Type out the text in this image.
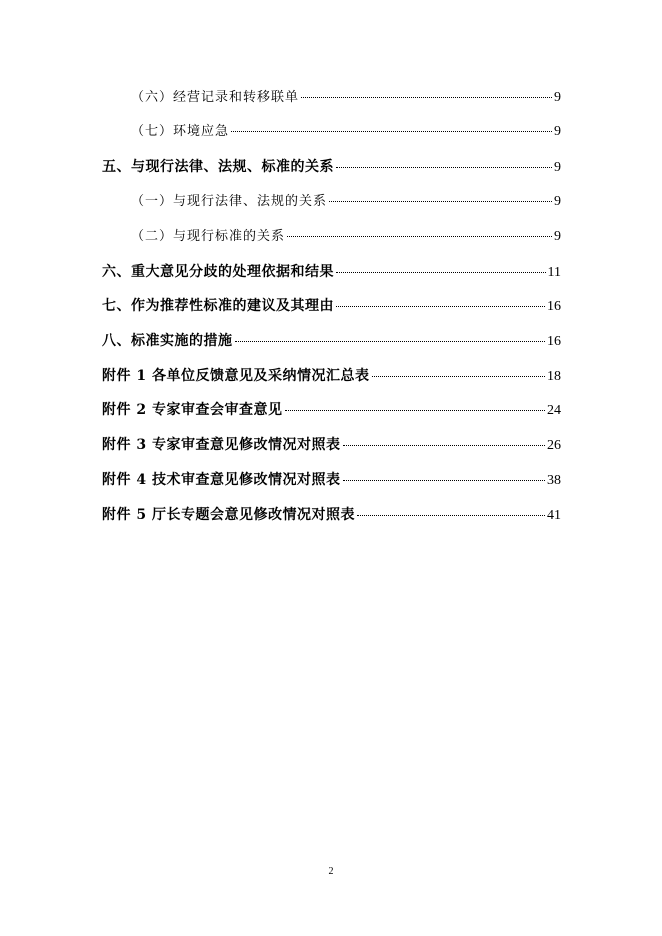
（六）经营记录和转移联单	9
（七）环境应急	9
五、与现行法律、法规、标准的关系	9
（一）与现行法律、法规的关系	9
（二）与现行标准的关系	9
六、重大意见分歧的处理依据和结果	11
七、作为推荐性标准的建议及其理由	16
八、标准实施的措施	16
附件 1 各单位反馈意见及采纳情况汇总表	18
附件 2 专家审查会审查意见	24
附件 3 专家审查意见修改情况对照表	26
附件 4 技术审查意见修改情况对照表	38
附件 5 厅长专题会意见修改情况对照表	41
2
